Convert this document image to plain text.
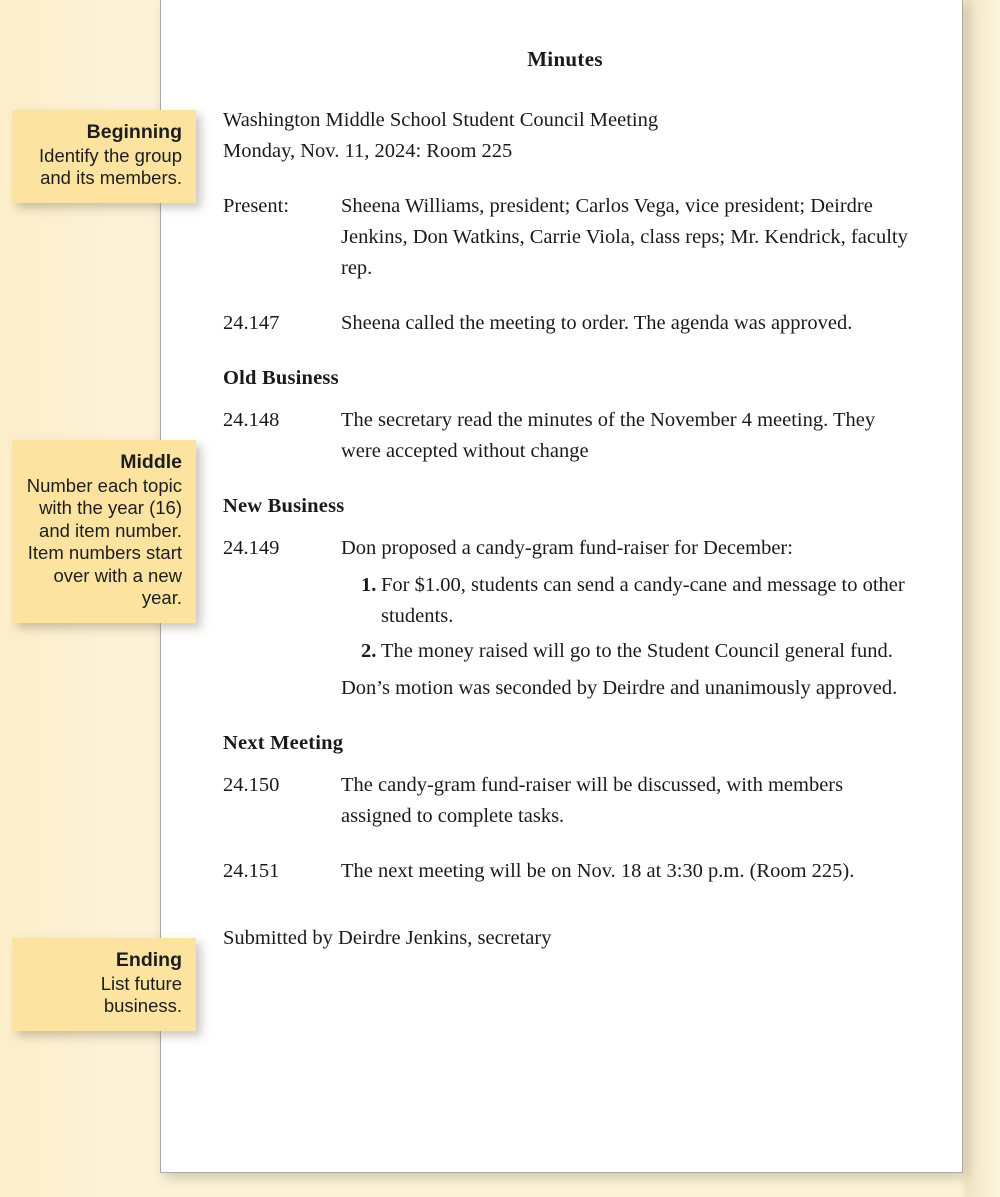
Minutes
Washington Middle School Student Council Meeting
Monday, Nov. 11, 2024: Room 225
Present:	Sheena Williams, president; Carlos Vega, vice president; Deirdre Jenkins, Don Watkins, Carrie Viola, class reps; Mr. Kendrick, faculty rep.
24.147	Sheena called the meeting to order. The agenda was approved.
Old Business
24.148	The secretary read the minutes of the November 4 meeting. They were accepted without change
New Business
24.149	Don proposed a candy-gram fund-raiser for December:
1. For $1.00, students can send a candy-cane and message to other students.
2. The money raised will go to the Student Council general fund.
Don’s motion was seconded by Deirdre and unanimously approved.
Next Meeting
24.150	The candy-gram fund-raiser will be discussed, with members assigned to complete tasks.
24.151	The next meeting will be on Nov. 18 at 3:30 p.m. (Room 225).
Submitted by Deirdre Jenkins, secretary
Beginning
Identify the group and its members.
Middle
Number each topic with the year (16) and item number. Item numbers start over with a new year.
Ending
List future business.
